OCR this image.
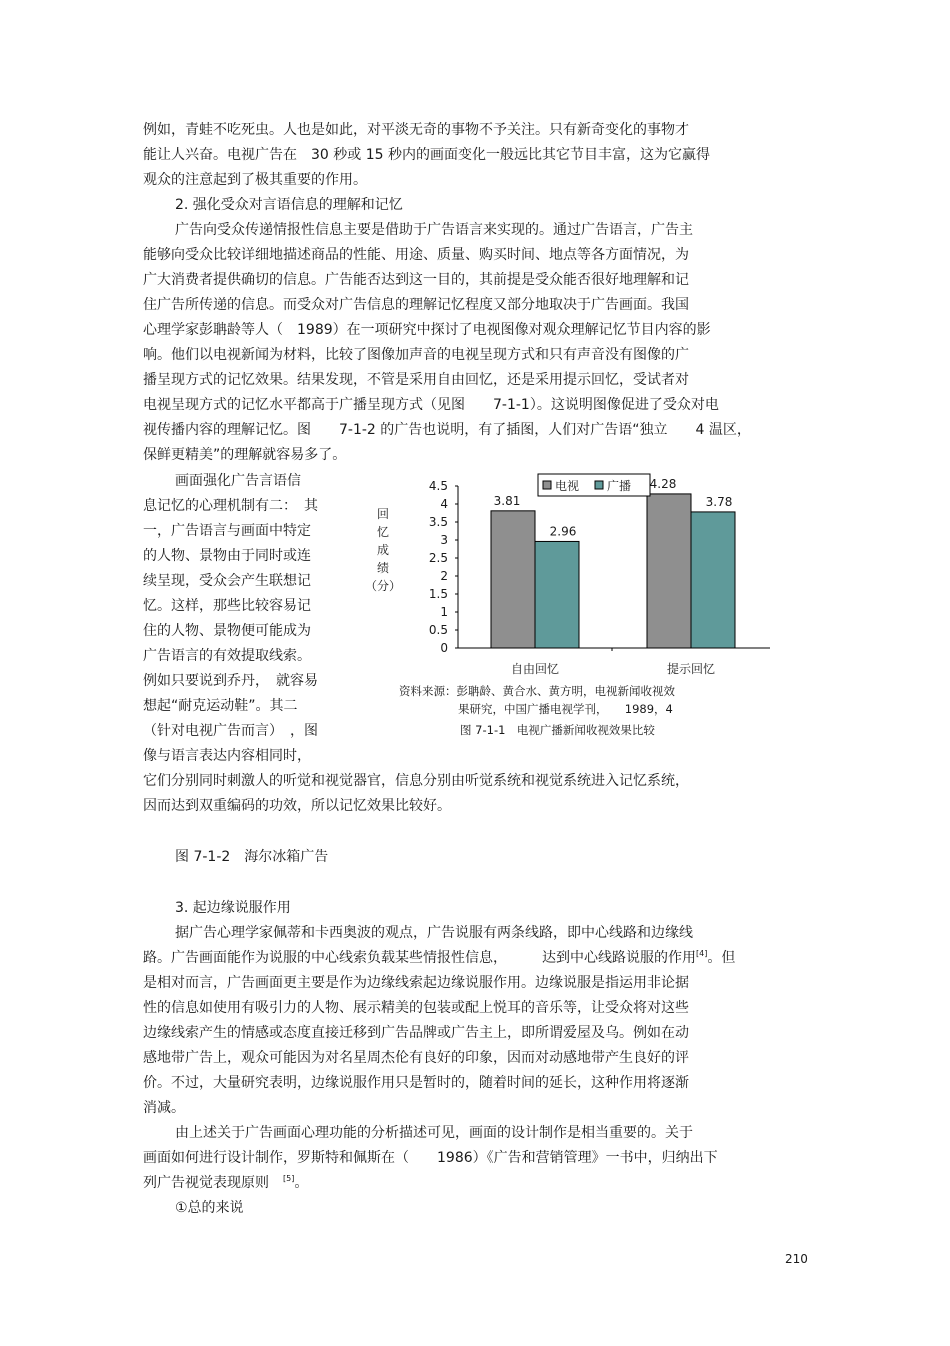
例如，青蛙不吃死虫。人也是如此，对平淡无奇的事物不予关注。只有新奇变化的事物才
能让人兴奋。电视广告在　30 秒或 15 秒内的画面变化一般远比其它节目丰富，这为它赢得
观众的注意起到了极其重要的作用。
2. 强化受众对言语信息的理解和记忆
广告向受众传递情报性信息主要是借助于广告语言来实现的。通过广告语言，广告主
能够向受众比较详细地描述商品的性能、用途、质量、购买时间、地点等各方面情况，为
广大消费者提供确切的信息。广告能否达到这一目的，其前提是受众能否很好地理解和记
住广告所传递的信息。而受众对广告信息的理解记忆程度又部分地取决于广告画面。我国
心理学家彭聃龄等人（　1989）在一项研究中探讨了电视图像对观众理解记忆节目内容的影
响。他们以电视新闻为材料，比较了图像加声音的电视呈现方式和只有声音没有图像的广
播呈现方式的记忆效果。结果发现，不管是采用自由回忆，还是采用提示回忆，受试者对
电视呈现方式的记忆水平都高于广播呈现方式（见图　　7-1-1）。这说明图像促进了受众对电
视传播内容的理解记忆。图　　7-1-2 的广告也说明，有了插图，人们对广告语“独立　　4 温区，
保鲜更精美”的理解就容易多了。
画面强化广告言语信
息记忆的心理机制有二：　其
一，广告语言与画面中特定
的人物、景物由于同时或连
续呈现，受众会产生联想记
忆。这样，那些比较容易记
住的人物、景物便可能成为
广告语言的有效提取线索。
例如只要说到乔丹，　就容易
想起“耐克运动鞋”。其二
（针对电视广告而言）　，图
像与语言表达内容相同时，
它们分别同时刺激人的听觉和视觉器官，信息分别由听觉系统和视觉系统进入记忆系统，
因而达到双重编码的功效，所以记忆效果比较好。
4.5
4
3.5
3
2.5
2
1.5
1
0.5
0
回
忆
成
绩
（分）
3.81
2.96
自由回忆
4.28
3.78
提示回忆
电视 广播
资料来源：彭聃龄、黄合水、黄方明，电视新闻收视效
果研究，中国广播电视学刊，　　1989，4
图 7-1-1　电视广播新闻收视效果比较
图 7-1-2　海尔冰箱广告
3. 起边缘说服作用
据广告心理学家佩蒂和卡西奥波的观点，广告说服有两条线路，即中心线路和边缘线
路。广告画面能作为说服的中心线索负载某些情报性信息，　　　达到中心线路说服的作用[4]。但
是相对而言，广告画面更主要是作为边缘线索起边缘说服作用。边缘说服是指运用非论据
性的信息如使用有吸引力的人物、展示精美的包装或配上悦耳的音乐等，让受众将对这些
边缘线索产生的情感或态度直接迁移到广告品牌或广告主上，即所谓爱屋及乌。例如在动
感地带广告上，观众可能因为对名星周杰伦有良好的印象，因而对动感地带产生良好的评
价。不过，大量研究表明，边缘说服作用只是暂时的，随着时间的延长，这种作用将逐渐
消减。
由上述关于广告画面心理功能的分析描述可见，画面的设计制作是相当重要的。关于
画面如何进行设计制作，罗斯特和佩斯在（　　1986）《广告和营销管理》一书中，归纳出下
列广告视觉表现原则　[5]。
①总的来说
210
